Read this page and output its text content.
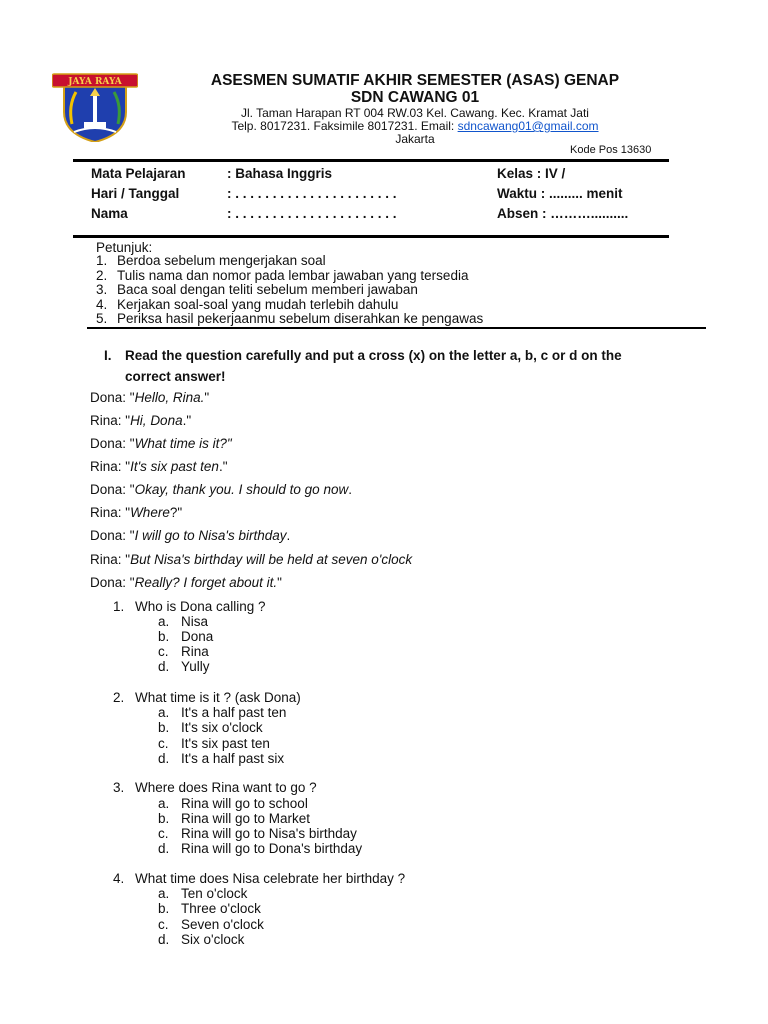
JAYA RAYA	ASESMEN SUMATIF AKHIR SEMESTER (ASAS) GENAP
SDN CAWANG 01
Jl. Taman Harapan RT 004 RW.03 Kel. Cawang. Kec. Kramat Jati
Telp. 8017231. Faksimile 8017231. Email: sdncawang01@gmail.com
Jakarta
Kode Pos 13630
Mata Pelajaran	: Bahasa Inggris	Kelas : IV /
Hari / Tanggal	: . . . . . . . . . . . . . . . . . . . . . .	Waktu : ......... menit
Nama	: . . . . . . . . . . . . . . . . . . . . . .	Absen : ………..........
Petunjuk:
1. Berdoa sebelum mengerjakan soal
2. Tulis nama dan nomor pada lembar jawaban yang tersedia
3. Baca soal dengan teliti sebelum memberi jawaban
4. Kerjakan soal-soal yang mudah terlebih dahulu
5. Periksa hasil pekerjaanmu sebelum diserahkan ke pengawas
I. Read the question carefully and put a cross (x) on the letter a, b, c or d on the
correct answer!
Dona: "Hello, Rina."
Rina: "Hi, Dona."
Dona: "What time is it?"
Rina: "It's six past ten."
Dona: "Okay, thank you. I should to go now.
Rina: "Where?"
Dona: "I will go to Nisa's birthday.
Rina: "But Nisa's birthday will be held at seven o'clock
Dona: "Really? I forget about it."
1. Who is Dona calling ?
a. Nisa
b. Dona
c. Rina
d. Yully
2. What time is it ? (ask Dona)
a. It's a half past ten
b. It's six o'clock
c. It's six past ten
d. It's a half past six
3. Where does Rina want to go ?
a. Rina will go to school
b. Rina will go to Market
c. Rina will go to Nisa's birthday
d. Rina will go to Dona's birthday
4. What time does Nisa celebrate her birthday ?
a. Ten o'clock
b. Three o'clock
c. Seven o'clock
d. Six o'clock
